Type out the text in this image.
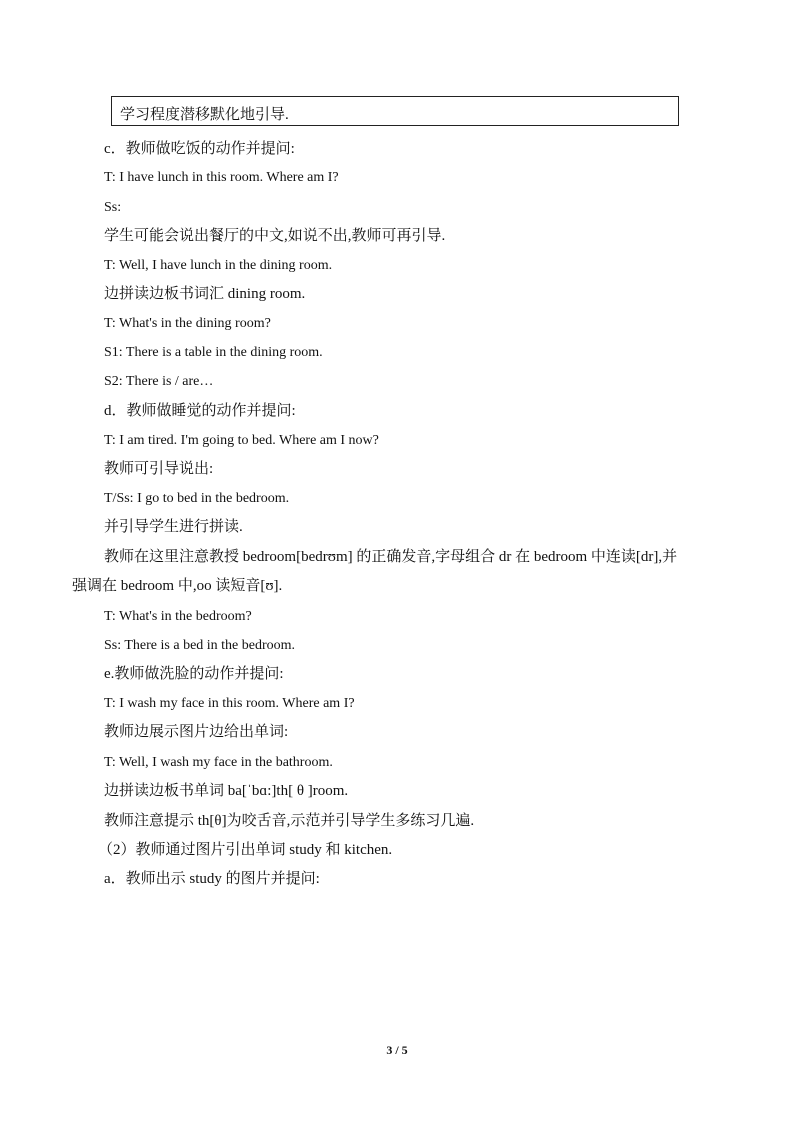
学习程度潜移默化地引导.
c．教师做吃饭的动作并提问:
T: I have lunch in this room. Where am I?
Ss:
学生可能会说出餐厅的中文,如说不出,教师可再引导.
T: Well, I have lunch in the dining room.
边拼读边板书词汇 dining room.
T: What's in the dining room?
S1: There is a table in the dining room.
S2: There is / are…
d．教师做睡觉的动作并提问:
T: I am tired. I'm going to bed. Where am I now?
教师可引导说出:
T/Ss: I go to bed in the bedroom.
并引导学生进行拼读.
教师在这里注意教授 bedroom[bedrʊm] 的正确发音,字母组合 dr 在 bedroom 中连读[dr],并
强调在 bedroom 中,oo 读短音[ʊ].
T: What's in the bedroom?
Ss: There is a bed in the bedroom.
e.教师做洗脸的动作并提问:
T: I wash my face in this room. Where am I?
教师边展示图片边给出单词:
T: Well, I wash my face in the bathroom.
边拼读边板书单词 ba[ˈbɑ:]th[ θ ]room.
教师注意提示 th[θ]为咬舌音,示范并引导学生多练习几遍.
（2）教师通过图片引出单词 study 和 kitchen.
a．教师出示 study 的图片并提问:
3 / 5
